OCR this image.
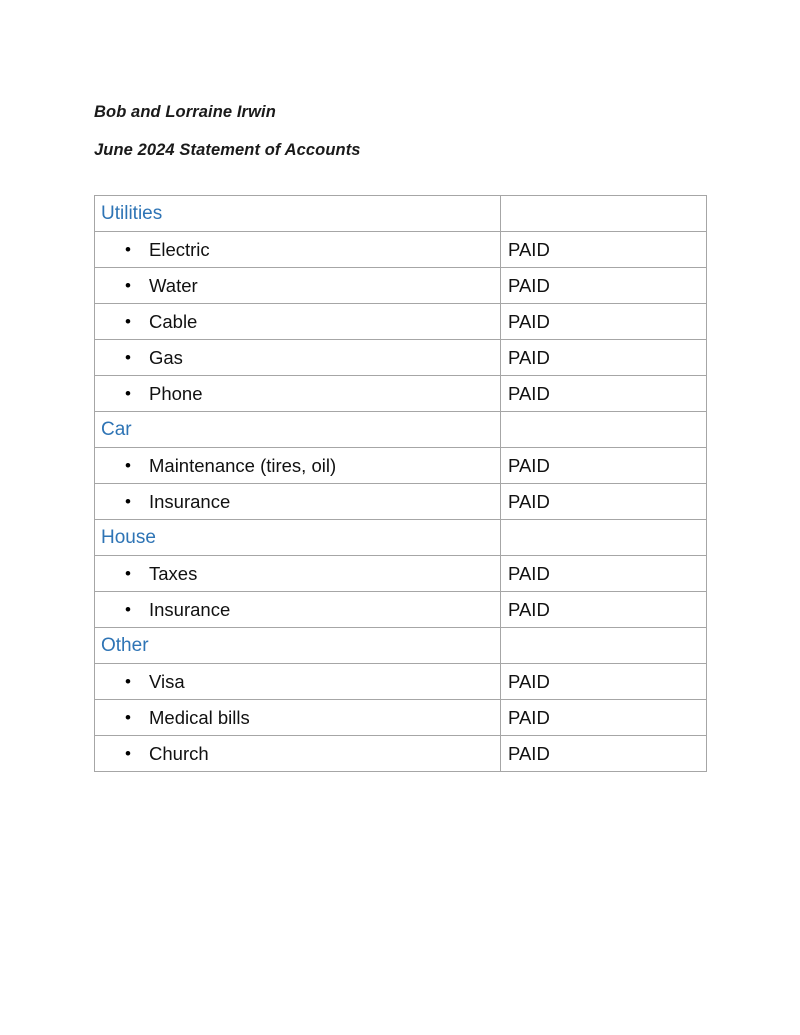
Bob and Lorraine Irwin
June 2024 Statement of Accounts
Utilities	

• Electric	PAID

• Water	PAID

• Cable	PAID

• Gas	PAID

• Phone	PAID

Car	

• Maintenance (tires, oil)	PAID

• Insurance	PAID

House	

• Taxes	PAID

• Insurance	PAID

Other	

• Visa	PAID

• Medical bills	PAID

• Church	PAID
